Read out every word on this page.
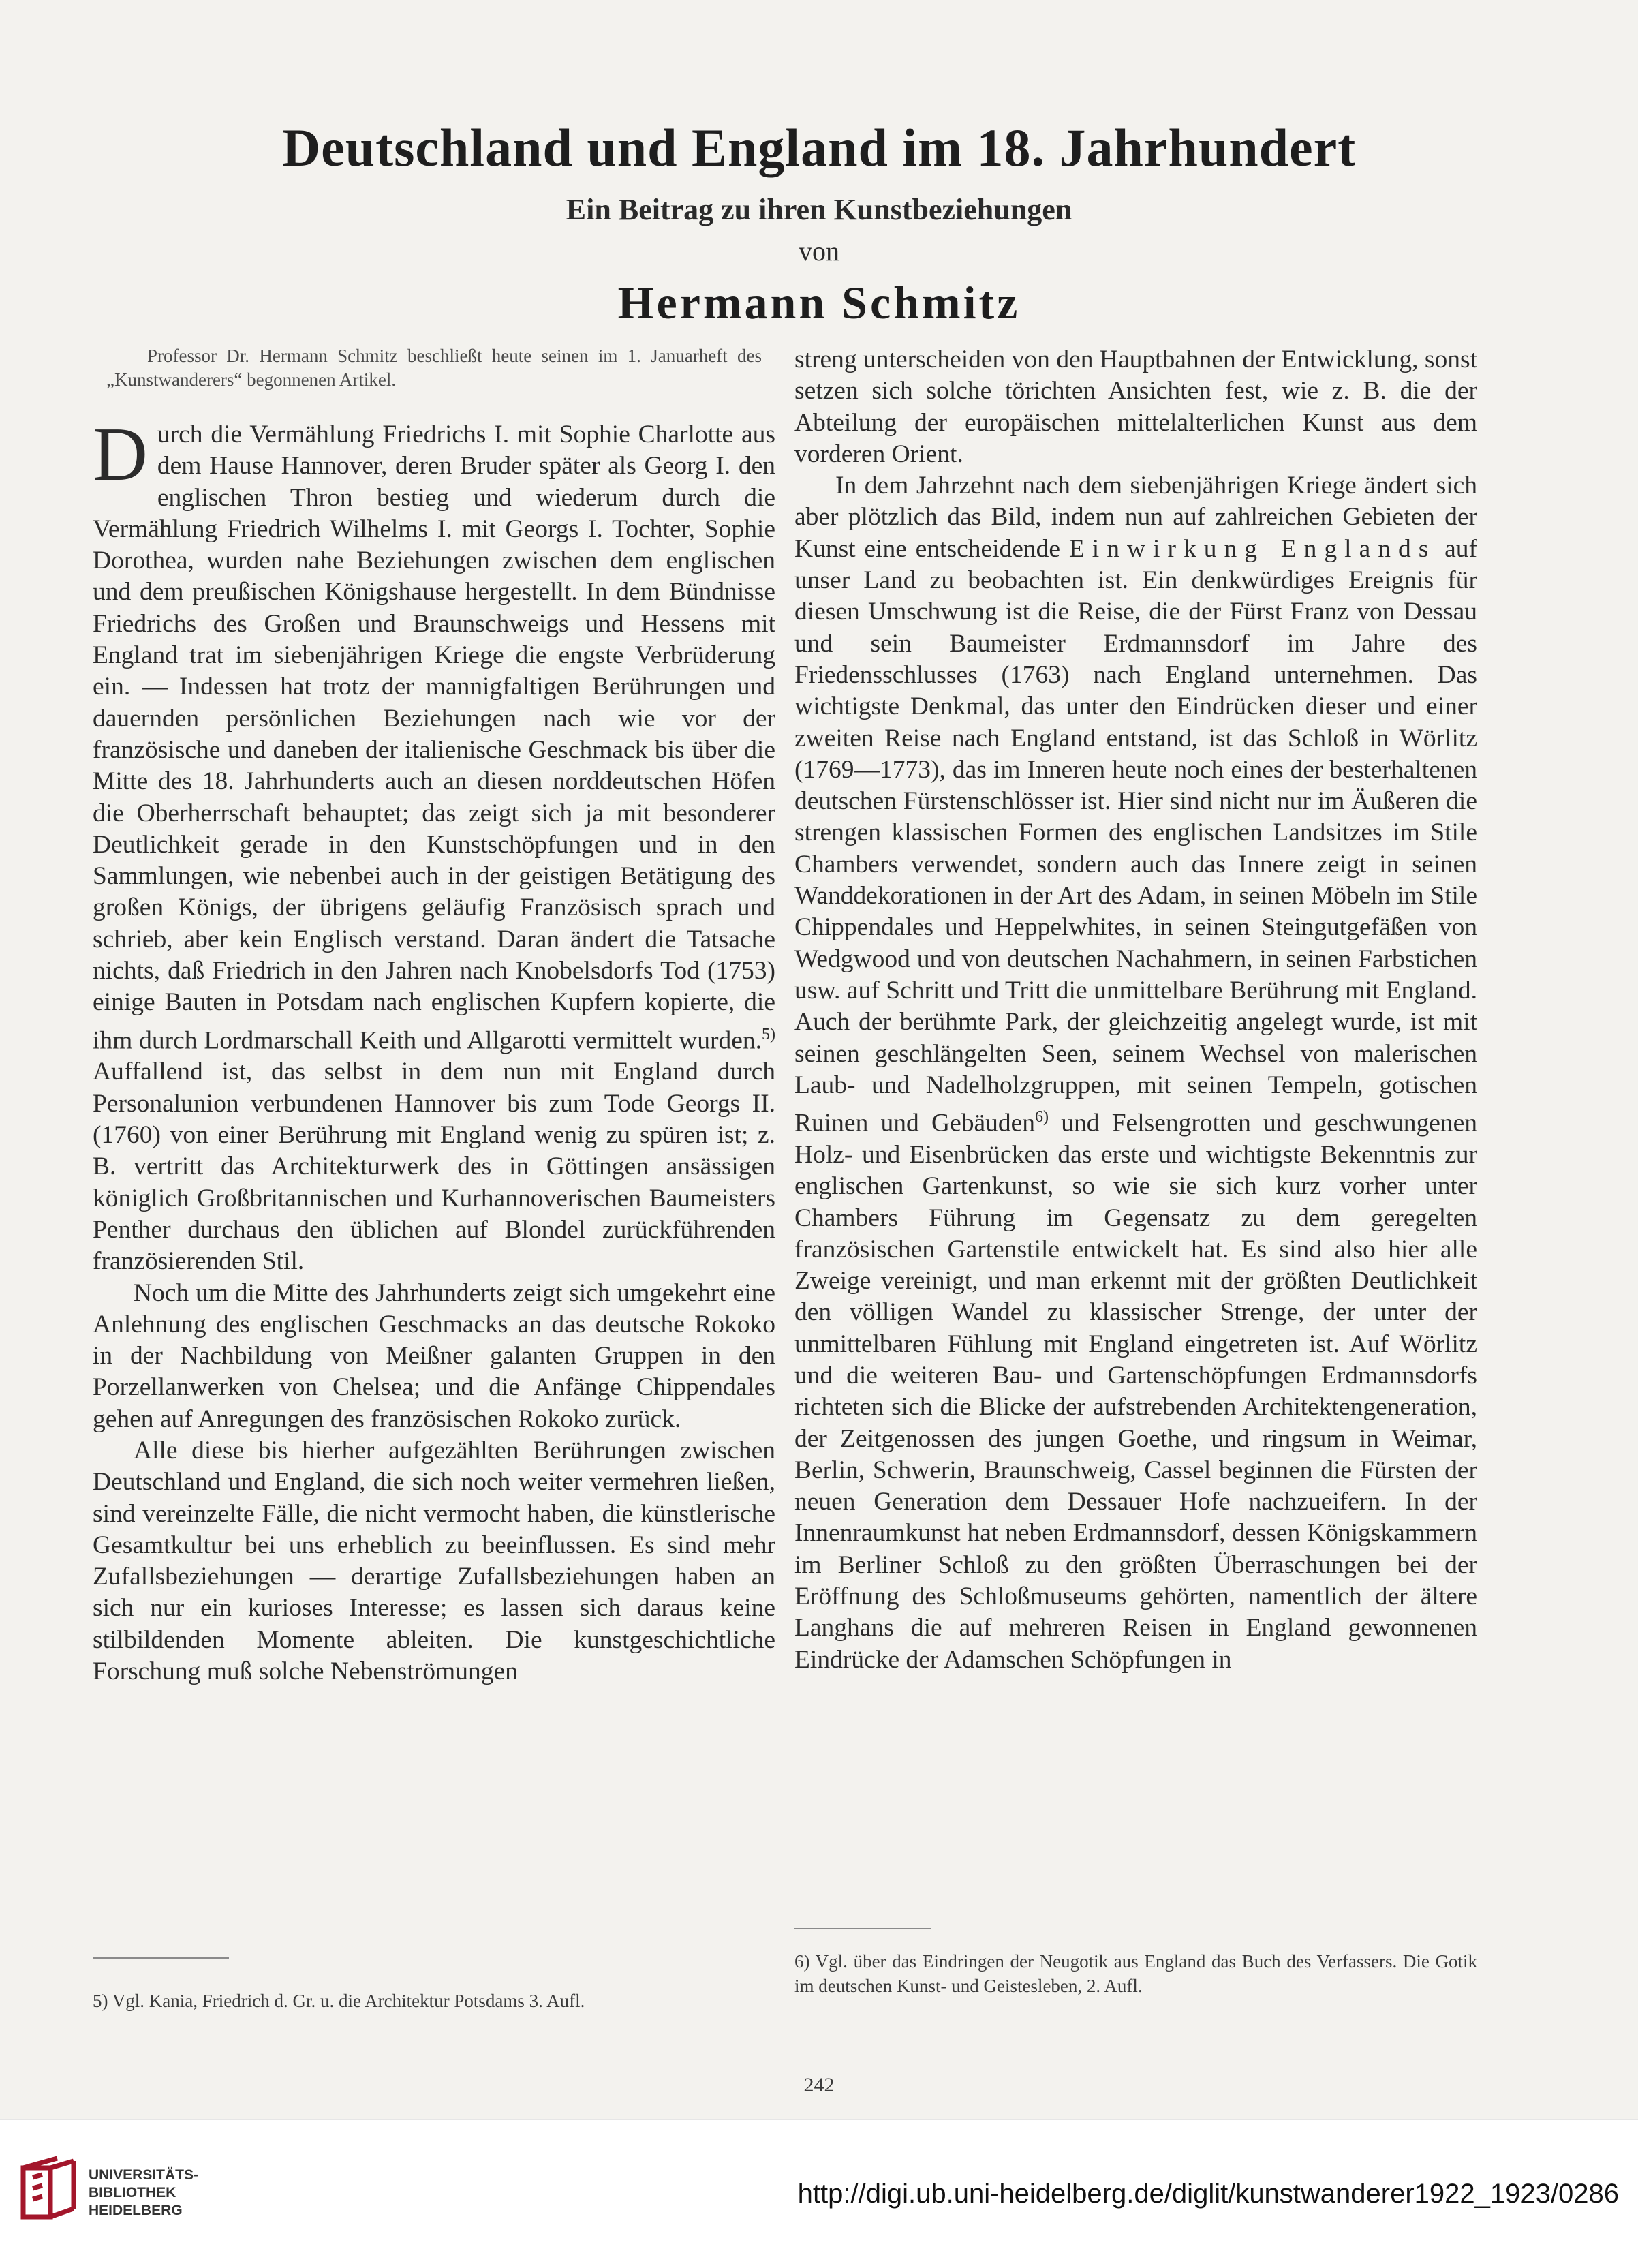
Deutschland und England im 18. Jahrhundert
Ein Beitrag zu ihren Kunstbeziehungen
von
Hermann Schmitz

Professor Dr. Hermann Schmitz beschließt heute seinen im 1. Januarheft des „Kunstwanderers“ begonnenen Artikel.

Durch die Vermählung Friedrichs I. mit Sophie Charlotte aus dem Hause Hannover, deren Bruder später als Georg I. den englischen Thron bestieg und wiederum durch die Vermählung Friedrich Wilhelms I. mit Georgs I. Tochter, Sophie Dorothea, wurden nahe Beziehungen zwischen dem englischen und dem preußischen Königshause hergestellt. In dem Bündnisse Friedrichs des Großen und Braunschweigs und Hessens mit England trat im siebenjährigen Kriege die engste Verbrüderung ein. — Indessen hat trotz der mannigfaltigen Berührungen und dauernden persönlichen Beziehungen nach wie vor der französische und daneben der italienische Geschmack bis über die Mitte des 18. Jahrhunderts auch an diesen norddeutschen Höfen die Oberherrschaft behauptet; das zeigt sich ja mit besonderer Deutlichkeit gerade in den Kunstschöpfungen und in den Sammlungen, wie nebenbei auch in der geistigen Betätigung des großen Königs, der übrigens geläufig Französisch sprach und schrieb, aber kein Englisch verstand. Daran ändert die Tatsache nichts, daß Friedrich in den Jahren nach Knobelsdorfs Tod (1753) einige Bauten in Potsdam nach englischen Kupfern kopierte, die ihm durch Lordmarschall Keith und Allgarotti vermittelt wurden.$^{5)}$ Auffallend ist, das selbst in dem nun mit England durch Personalunion verbundenen Hannover bis zum Tode Georgs II. (1760) von einer Berührung mit England wenig zu spüren ist; z. B. vertritt das Architekturwerk des in Göttingen ansässigen königlich Großbritannischen und Kurhannoverischen Baumeisters Penther durchaus den üblichen auf Blondel zurückführenden französierenden Stil.

Noch um die Mitte des Jahrhunderts zeigt sich umgekehrt eine Anlehnung des englischen Geschmacks an das deutsche Rokoko in der Nachbildung von Meißner galanten Gruppen in den Porzellanwerken von Chelsea; und die Anfänge Chippendales gehen auf Anregungen des französischen Rokoko zurück.

Alle diese bis hierher aufgezählten Berührungen zwischen Deutschland und England, die sich noch weiter vermehren ließen, sind vereinzelte Fälle, die nicht vermocht haben, die künstlerische Gesamtkultur bei uns erheblich zu beeinflussen. Es sind mehr Zufallsbeziehungen — derartige Zufallsbeziehungen haben an sich nur ein kurioses Interesse; es lassen sich daraus keine stilbildenden Momente ableiten. Die kunstgeschichtliche Forschung muß solche Nebenströmungen

streng unterscheiden von den Hauptbahnen der Entwicklung, sonst setzen sich solche törichten Ansichten fest, wie z. B. die der Abteilung der europäischen mittelalterlichen Kunst aus dem vorderen Orient.

In dem Jahrzehnt nach dem siebenjährigen Kriege ändert sich aber plötzlich das Bild, indem nun auf zahlreichen Gebieten der Kunst eine entscheidende Einwirkung Englands auf unser Land zu beobachten ist. Ein denkwürdiges Ereignis für diesen Umschwung ist die Reise, die der Fürst Franz von Dessau und sein Baumeister Erdmannsdorf im Jahre des Friedensschlusses (1763) nach England unternehmen. Das wichtigste Denkmal, das unter den Eindrücken dieser und einer zweiten Reise nach England entstand, ist das Schloß in Wörlitz (1769—1773), das im Inneren heute noch eines der besterhaltenen deutschen Fürstenschlösser ist. Hier sind nicht nur im Äußeren die strengen klassischen Formen des englischen Landsitzes im Stile Chambers verwendet, sondern auch das Innere zeigt in seinen Wanddekorationen in der Art des Adam, in seinen Möbeln im Stile Chippendales und Heppelwhites, in seinen Steingutgefäßen von Wedgwood und von deutschen Nachahmern, in seinen Farbstichen usw. auf Schritt und Tritt die unmittelbare Berührung mit England. Auch der berühmte Park, der gleichzeitig angelegt wurde, ist mit seinen geschlängelten Seen, seinem Wechsel von malerischen Laub- und Nadelholzgruppen, mit seinen Tempeln, gotischen Ruinen und Gebäuden$^{6)}$ und Felsengrotten und geschwungenen Holz- und Eisenbrücken das erste und wichtigste Bekenntnis zur englischen Gartenkunst, so wie sie sich kurz vorher unter Chambers Führung im Gegensatz zu dem geregelten französischen Gartenstile entwickelt hat. Es sind also hier alle Zweige vereinigt, und man erkennt mit der größten Deutlichkeit den völligen Wandel zu klassischer Strenge, der unter der unmittelbaren Fühlung mit England eingetreten ist. Auf Wörlitz und die weiteren Bau- und Gartenschöpfungen Erdmannsdorfs richteten sich die Blicke der aufstrebenden Architektengeneration, der Zeitgenossen des jungen Goethe, und ringsum in Weimar, Berlin, Schwerin, Braunschweig, Cassel beginnen die Fürsten der neuen Generation dem Dessauer Hofe nachzueifern. In der Innenraumkunst hat neben Erdmannsdorf, dessen Königskammern im Berliner Schloß zu den größten Überraschungen bei der Eröffnung des Schloßmuseums gehörten, namentlich der ältere Langhans die auf mehreren Reisen in England gewonnenen Eindrücke der Adamschen Schöpfungen in

5) Vgl. Kania, Friedrich d. Gr. u. die Architektur Potsdams 3. Aufl.
6) Vgl. über das Eindringen der Neugotik aus England das Buch des Verfassers. Die Gotik im deutschen Kunst- und Geistesleben, 2. Aufl.
242
UNIVERSITÄTS-
BIBLIOTHEK
HEIDELBERG
http://digi.ub.uni-heidelberg.de/diglit/kunstwanderer1922_1923/0286
